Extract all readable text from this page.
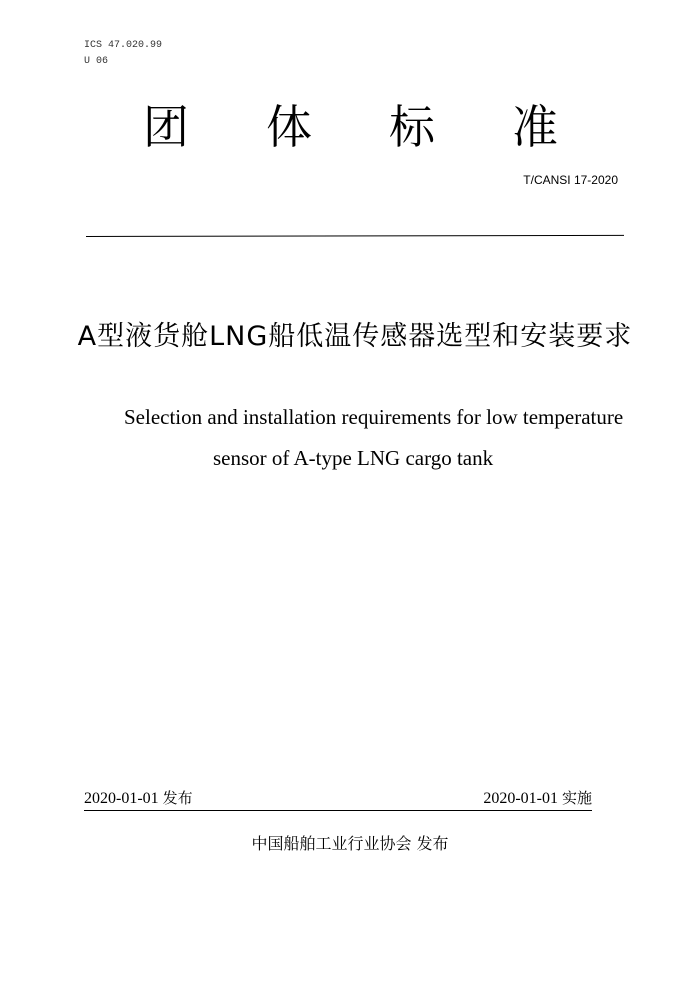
ICS 47.020.99
U 06
团 体 标 准
T/CANSI 17-2020
A型液货舱LNG船低温传感器选型和安装要求
Selection and installation requirements for low temperature
sensor of A-type LNG cargo tank
2020-01-01 发布	2020-01-01 实施
中国船舶工业行业协会 发布
